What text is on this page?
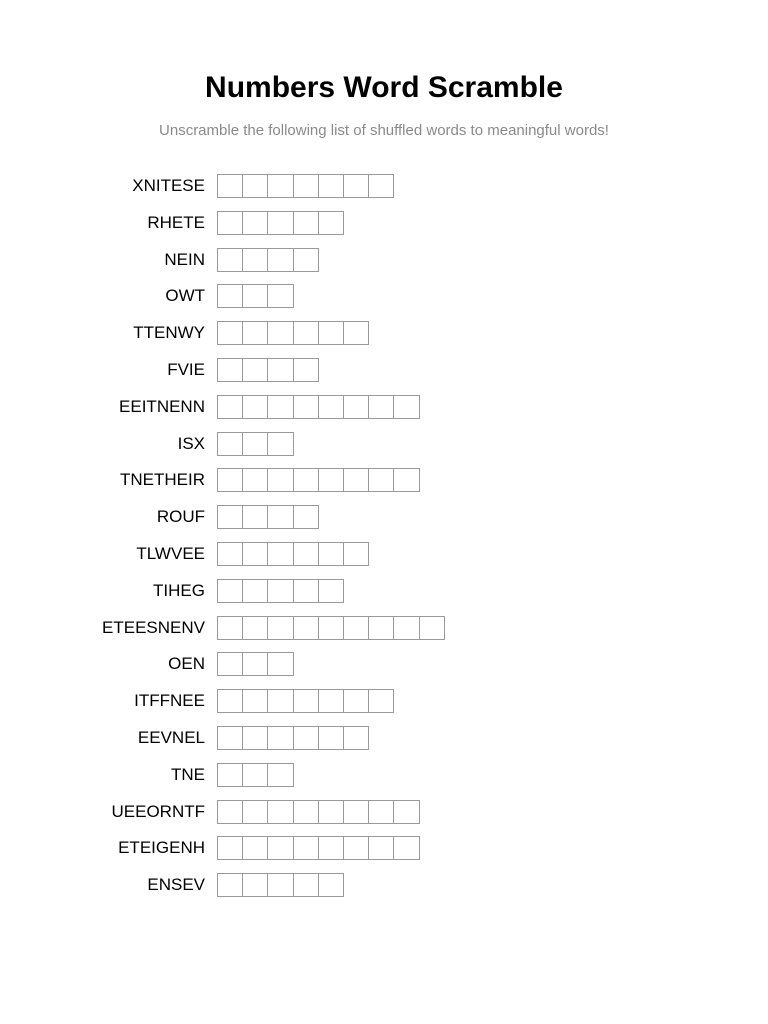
Numbers Word Scramble
Unscramble the following list of shuffled words to meaningful words!
XNITESE
RHETE
NEIN
OWT
TTENWY
FVIE
EEITNENN
ISX
TNETHEIR
ROUF
TLWVEE
TIHEG
ETEESNENV
OEN
ITFFNEE
EEVNEL
TNE
UEEORNTF
ETEIGENH
ENSEV
